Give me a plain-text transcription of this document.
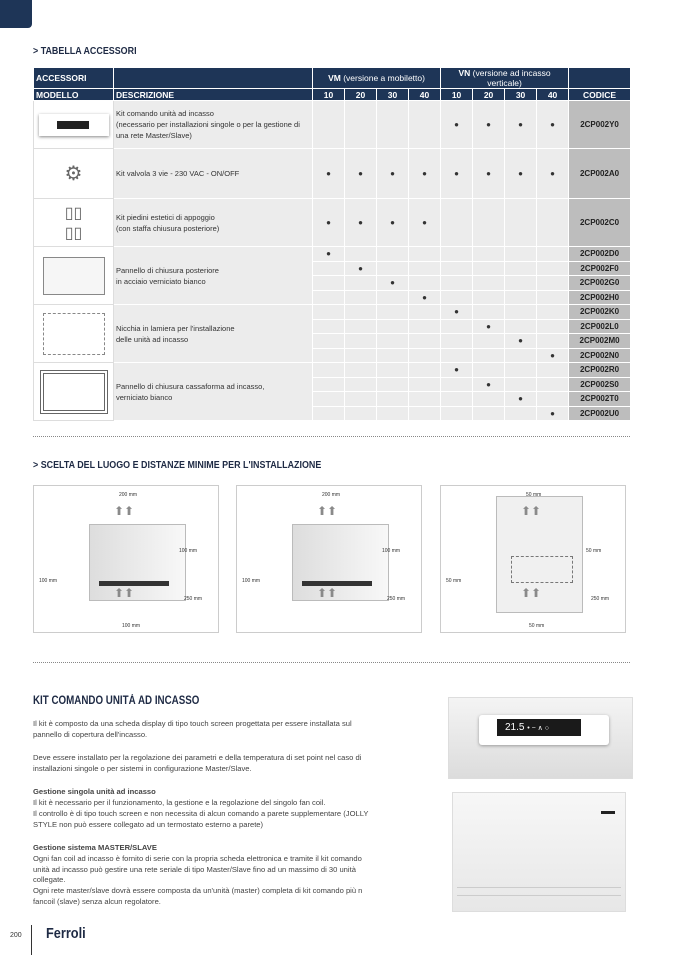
> TABELLA ACCESSORI
ACCESSORI		VM (versione a mobiletto)				VN (versione ad incasso verticale)				
MODELLO	DESCRIZIONE	10	20	30	40	10	20	30	40	CODICE

	Kit comando unità ad incasso
(necessario per installazioni singole o per la gestione di una rete Master/Slave)					●	●	●	●	2CP002Y0

⚙	Kit valvola 3 vie - 230 VAC - ON/OFF	●	●	●	●	●	●	●	●	2CP002A0

▯▯
▯▯	Kit piedini estetici di appoggio
(con staffa chiusura posteriore)	●	●	●	●					2CP002C0

	Pannello di chiusura posteriore
in acciaio verniciato bianco	●								2CP002D0
			●							2CP002F0
				●						2CP002G0
					●					2CP002H0

	Nicchia in lamiera per l'installazione
delle unità ad incasso					●				2CP002K0
							●			2CP002L0
								●		2CP002M0
									●	2CP002N0

	Pannello di chiusura cassaforma ad incasso,
verniciato bianco					●				2CP002R0
							●			2CP002S0
								●		2CP002T0
									●	2CP002U0
> SCELTA DEL LUOGO E DISTANZE MINIME PER L'INSTALLAZIONE
⬆⬆
⬆⬆
200 mm
100 mm
100 mm
250 mm
100 mm
⬆⬆
⬆⬆
200 mm
100 mm
100 mm
250 mm
⬆⬆
⬆⬆
50 mm
50 mm
50 mm
250 mm
50 mm
KIT COMANDO UNITÀ AD INCASSO
Il kit è composto da una scheda display di tipo touch screen progettata per essere installata sul pannello di copertura dell'incasso.
Deve essere installato per la regolazione dei parametri e della temperatura di set point nel caso di installazioni singole o per sistemi in configurazione Master/Slave.
Gestione singola unità ad incasso
Il kit è necessario per il funzionamento, la gestione e la regolazione del singolo fan coil.
Il controllo è di tipo touch screen e non necessita di alcun comando a parete supplementare (JOLLY STYLE non può essere collegato ad un termostato esterno a parete)
Gestione sistema MASTER/SLAVE
Ogni fan coil ad incasso è fornito di serie con la propria scheda elettronica e tramite il kit comando unità ad incasso può gestire una rete seriale di tipo Master/Slave fino ad un massimo di 30 unità collegate.
Ogni rete master/slave dovrà essere composta da un'unità (master) completa di kit comando più n fancoil (slave) senza alcun regolatore.
21.5 • − ∧ ○
200 Ferroli
